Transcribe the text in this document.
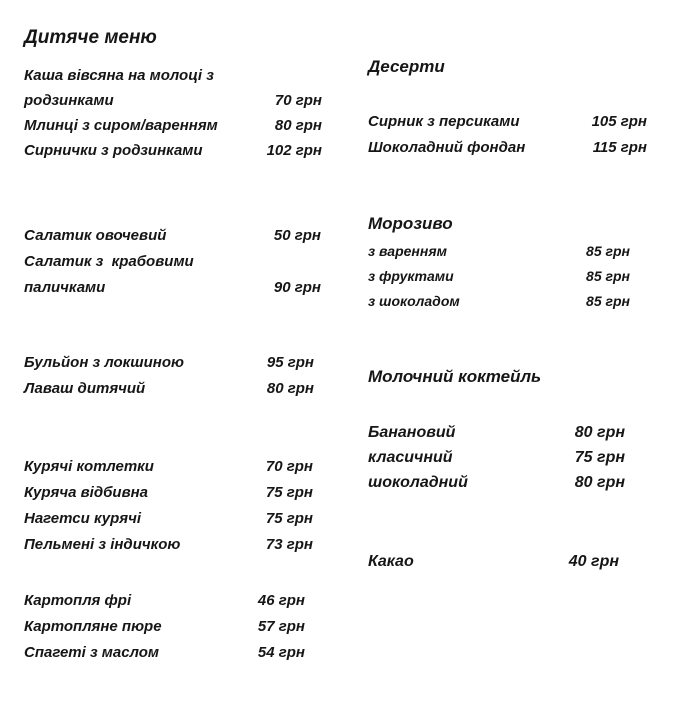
Дитяче меню
Каша вівсяна на молоці з
родзинками	70 грн
Млинці з сиром/варенням	80 грн
Сирнички з родзинками	102 грн
Салатик овочевий	50 грн
Салатик з  крабовими
паличками	90 грн
Бульйон з локшиною	95 грн
Лаваш дитячий	80 грн
Курячі котлетки	70 грн
Куряча відбивна	75 грн
Нагетси курячі	75 грн
Пельмені з індичкою	73 грн
Картопля фрі	46 грн
Картопляне пюре	57 грн
Спагеті з маслом	54 грн
Десерти
Сирник з персиками	105 грн
Шоколадний фондан	115 грн
Морозиво
з варенням	85 грн
з фруктами	85 грн
з шоколадом	85 грн
Молочний коктейль
Банановий	80 грн
класичний	75 грн
шоколадний	80 грн
Какао	40 грн
